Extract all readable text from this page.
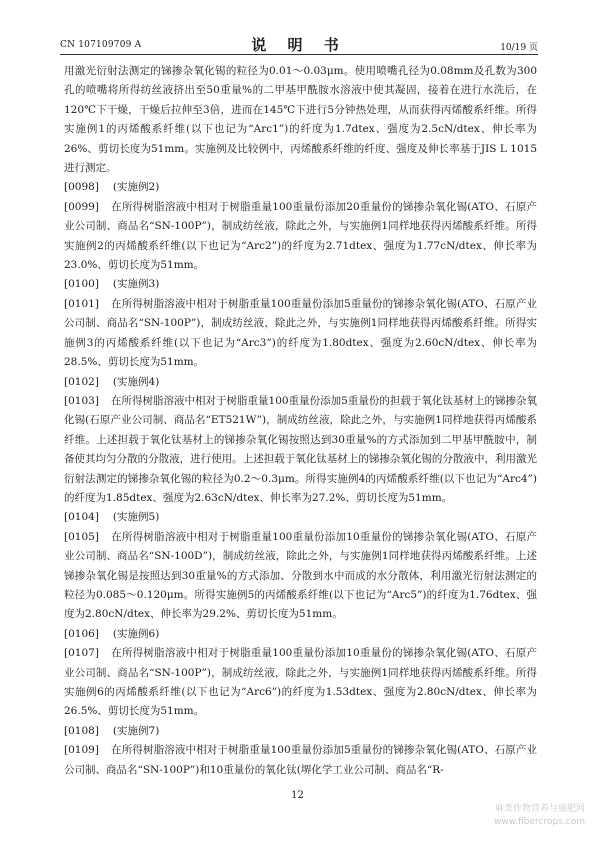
CN 107109709 A	说 明 书	10/19 页

用激光衍射法测定的锑掺杂氧化锡的粒径为0.01～0.03μm。使用喷嘴孔径为0.08mm及孔数为300孔的喷嘴将所得纺丝液挤出至50重量%的二甲基甲酰胺水溶液中使其凝固，接着在进行水洗后，在120℃下干燥，干燥后拉伸至3倍，进而在145℃下进行5分钟热处理，从而获得丙烯酸系纤维。所得实施例1的丙烯酸系纤维(以下也记为“Arc1”)的纤度为1.7dtex、强度为2.5cN/dtex、伸长率为26%、剪切长度为51mm。实施例及比较例中，丙烯酸系纤维的纤度、强度及伸长率基于JIS L 1015进行测定。

[0098] (实施例2)

[0099] 在所得树脂溶液中相对于树脂重量100重量份添加20重量份的锑掺杂氧化锡(ATO、石原产业公司制、商品名“SN-100P”)，制成纺丝液，除此之外，与实施例1同样地获得丙烯酸系纤维。所得实施例2的丙烯酸系纤维(以下也记为“Arc2”)的纤度为2.71dtex、强度为1.77cN/dtex、伸长率为23.0%、剪切长度为51mm。

[0100] (实施例3)

[0101] 在所得树脂溶液中相对于树脂重量100重量份添加5重量份的锑掺杂氧化锡(ATO、石原产业公司制、商品名“SN-100P”)，制成纺丝液，除此之外，与实施例1同样地获得丙烯酸系纤维。所得实施例3的丙烯酸系纤维(以下也记为“Arc3”)的纤度为1.80dtex、强度为2.60cN/dtex、伸长率为28.5%、剪切长度为51mm。

[0102] (实施例4)

[0103] 在所得树脂溶液中相对于树脂重量100重量份添加5重量份的担载于氧化钛基材上的锑掺杂氧化锡(石原产业公司制、商品名“ET521W”)，制成纺丝液，除此之外，与实施例1同样地获得丙烯酸系纤维。上述担载于氧化钛基材上的锑掺杂氧化锡按照达到30重量%的方式添加到二甲基甲酰胺中，制备使其均匀分散的分散液，进行使用。上述担载于氧化钛基材上的锑掺杂氧化锡的分散液中，利用激光衍射法测定的锑掺杂氧化锡的粒径为0.2～0.3μm。所得实施例4的丙烯酸系纤维(以下也记为“Arc4”)的纤度为1.85dtex、强度为2.63cN/dtex、伸长率为27.2%、剪切长度为51mm。

[0104] (实施例5)

[0105] 在所得树脂溶液中相对于树脂重量100重量份添加10重量份的锑掺杂氧化锡(ATO、石原产业公司制、商品名“SN-100D”)，制成纺丝液，除此之外，与实施例1同样地获得丙烯酸系纤维。上述锑掺杂氧化锡是按照达到30重量%的方式添加、分散到水中而成的水分散体，利用激光衍射法测定的粒径为0.085～0.120μm。所得实施例5的丙烯酸系纤维(以下也记为“Arc5”)的纤度为1.76dtex、强度为2.80cN/dtex、伸长率为29.2%、剪切长度为51mm。

[0106] (实施例6)

[0107] 在所得树脂溶液中相对于树脂重量100重量份添加10重量份的锑掺杂氧化锡(ATO、石原产业公司制、商品名“SN-100P”)，制成纺丝液，除此之外，与实施例1同样地获得丙烯酸系纤维。所得实施例6的丙烯酸系纤维(以下也记为“Arc6”)的纤度为1.53dtex、强度为2.80cN/dtex、伸长率为26.5%、剪切长度为51mm。

[0108] (实施例7)

[0109] 在所得树脂溶液中相对于树脂重量100重量份添加5重量份的锑掺杂氧化锡(ATO、石原产业公司制、商品名“SN-100P”)和10重量份的氧化钛(堺化学工业公司制、商品名“R-

12
麻类作物营养与施肥网
www.fibercrops.com
